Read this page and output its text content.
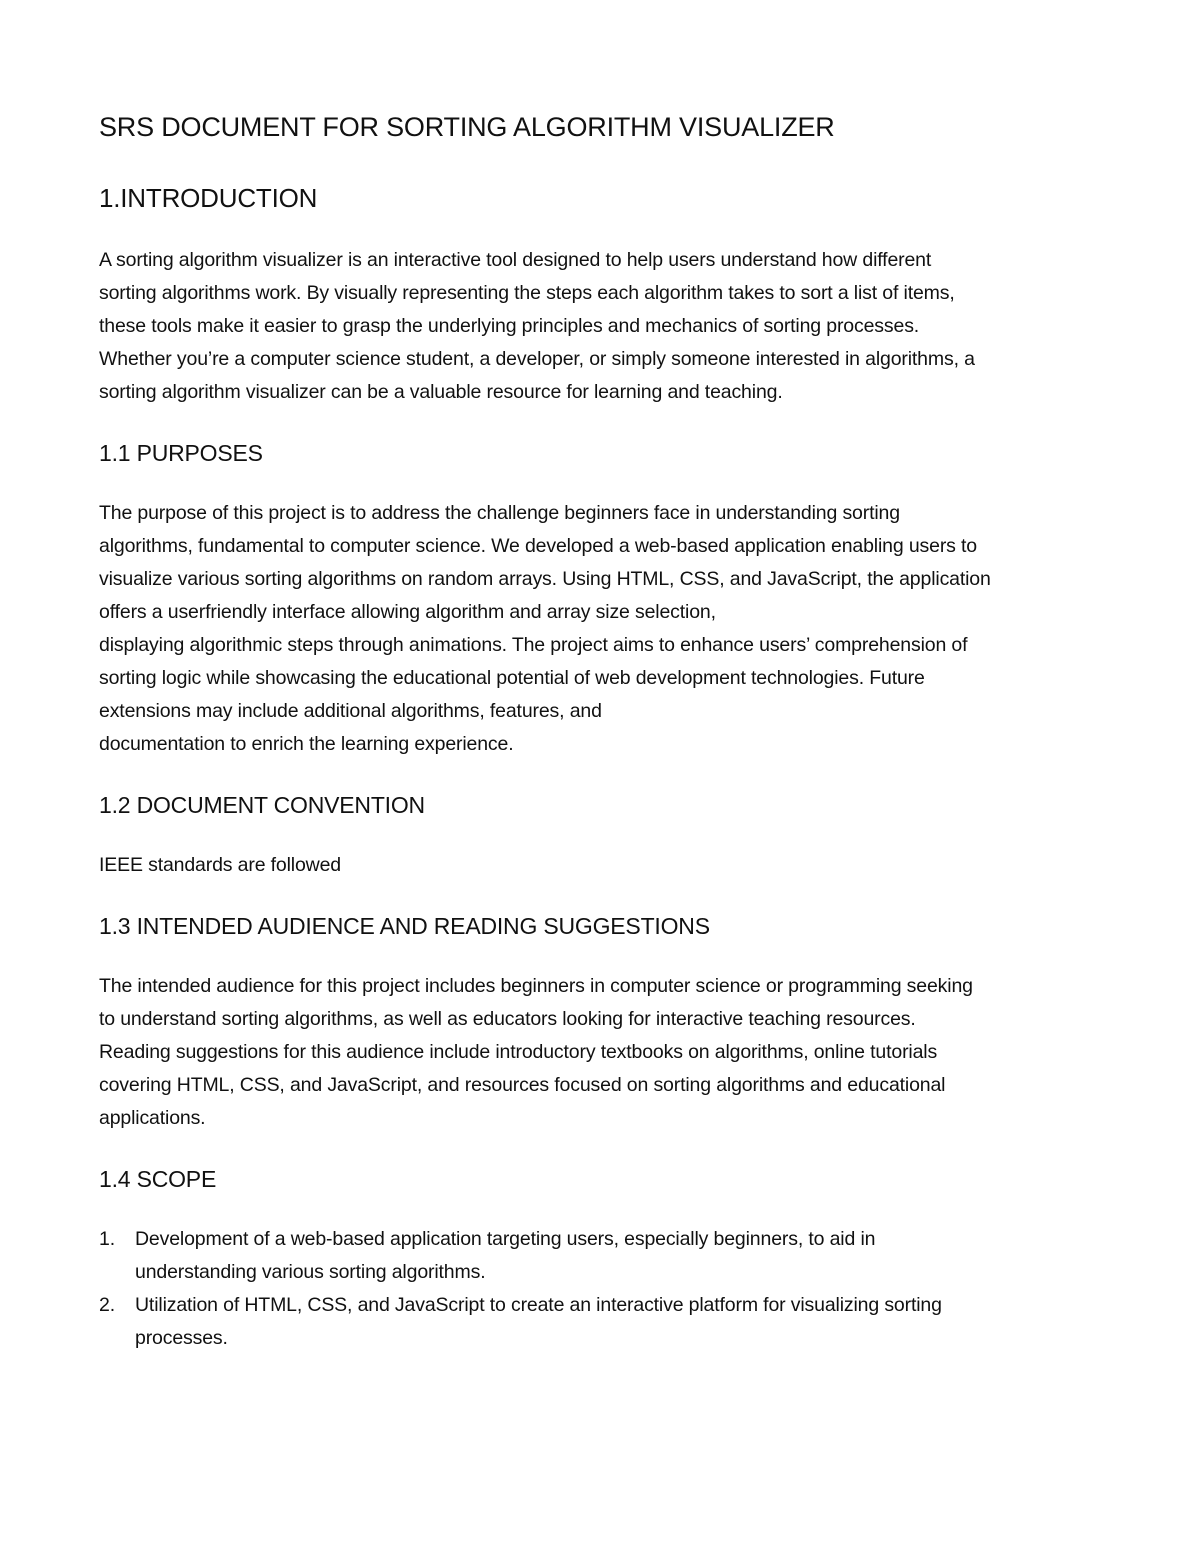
SRS DOCUMENT FOR SORTING ALGORITHM VISUALIZER
1.INTRODUCTION
A sorting algorithm visualizer is an interactive tool designed to help users understand how different
sorting algorithms work. By visually representing the steps each algorithm takes to sort a list of items,
these tools make it easier to grasp the underlying principles and mechanics of sorting processes.
Whether you’re a computer science student, a developer, or simply someone interested in algorithms, a
sorting algorithm visualizer can be a valuable resource for learning and teaching.
1.1 PURPOSES
The purpose of this project is to address the challenge beginners face in understanding sorting
algorithms, fundamental to computer science. We developed a web-based application enabling users to
visualize various sorting algorithms on random arrays. Using HTML, CSS, and JavaScript, the application
offers a userfriendly interface allowing algorithm and array size selection,
displaying algorithmic steps through animations. The project aims to enhance users’ comprehension of
sorting logic while showcasing the educational potential of web development technologies. Future
extensions may include additional algorithms, features, and
documentation to enrich the learning experience.
1.2 DOCUMENT CONVENTION
IEEE standards are followed
1.3 INTENDED AUDIENCE AND READING SUGGESTIONS
The intended audience for this project includes beginners in computer science or programming seeking
to understand sorting algorithms, as well as educators looking for interactive teaching resources.
Reading suggestions for this audience include introductory textbooks on algorithms, online tutorials
covering HTML, CSS, and JavaScript, and resources focused on sorting algorithms and educational
applications.
1.4 SCOPE
1. Development of a web-based application targeting users, especially beginners, to aid in
understanding various sorting algorithms.
2. Utilization of HTML, CSS, and JavaScript to create an interactive platform for visualizing sorting
processes.
